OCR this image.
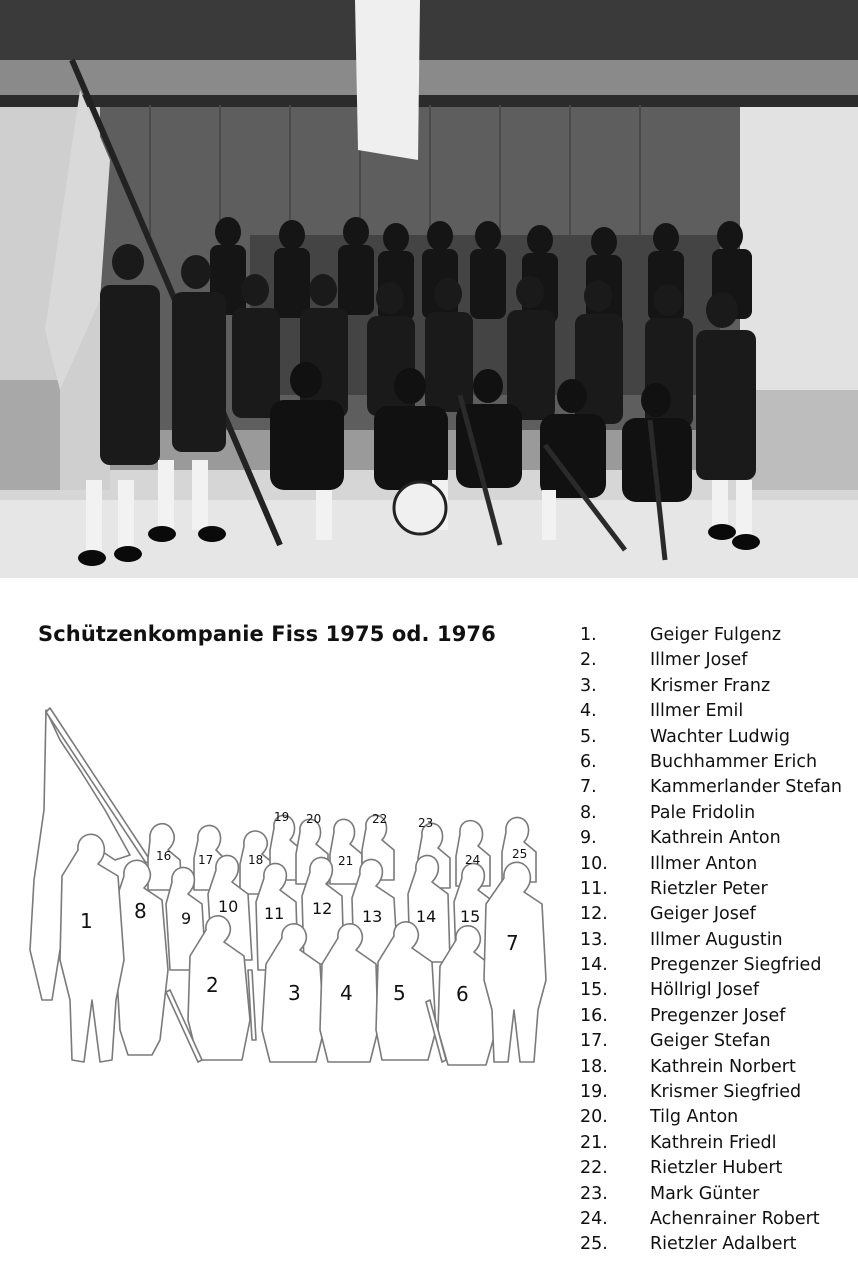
Schützenkompanie Fiss 1975 od. 1976
1
2	3 4 5	6
7
8 9
10 11 12 13 14 15
16 17	18
19 20
21
22	23
24	25
1.	Geiger Fulgenz
2.	Illmer Josef
3.	Krismer Franz
4.	Illmer Emil
5.	Wachter Ludwig
6.	Buchhammer Erich
7.	Kammerlander Stefan
8.	Pale Fridolin
9.	Kathrein Anton
10.	Illmer Anton
11.	Rietzler Peter
12.	Geiger Josef
13.	Illmer Augustin
14.	Pregenzer Siegfried
15.	Höllrigl Josef
16.	Pregenzer Josef
17.	Geiger Stefan
18.	Kathrein Norbert
19.	Krismer Siegfried
20.	Tilg Anton
21.	Kathrein Friedl
22.	Rietzler Hubert
23.	Mark Günter
24.	Achenrainer Robert
25.	Rietzler Adalbert
